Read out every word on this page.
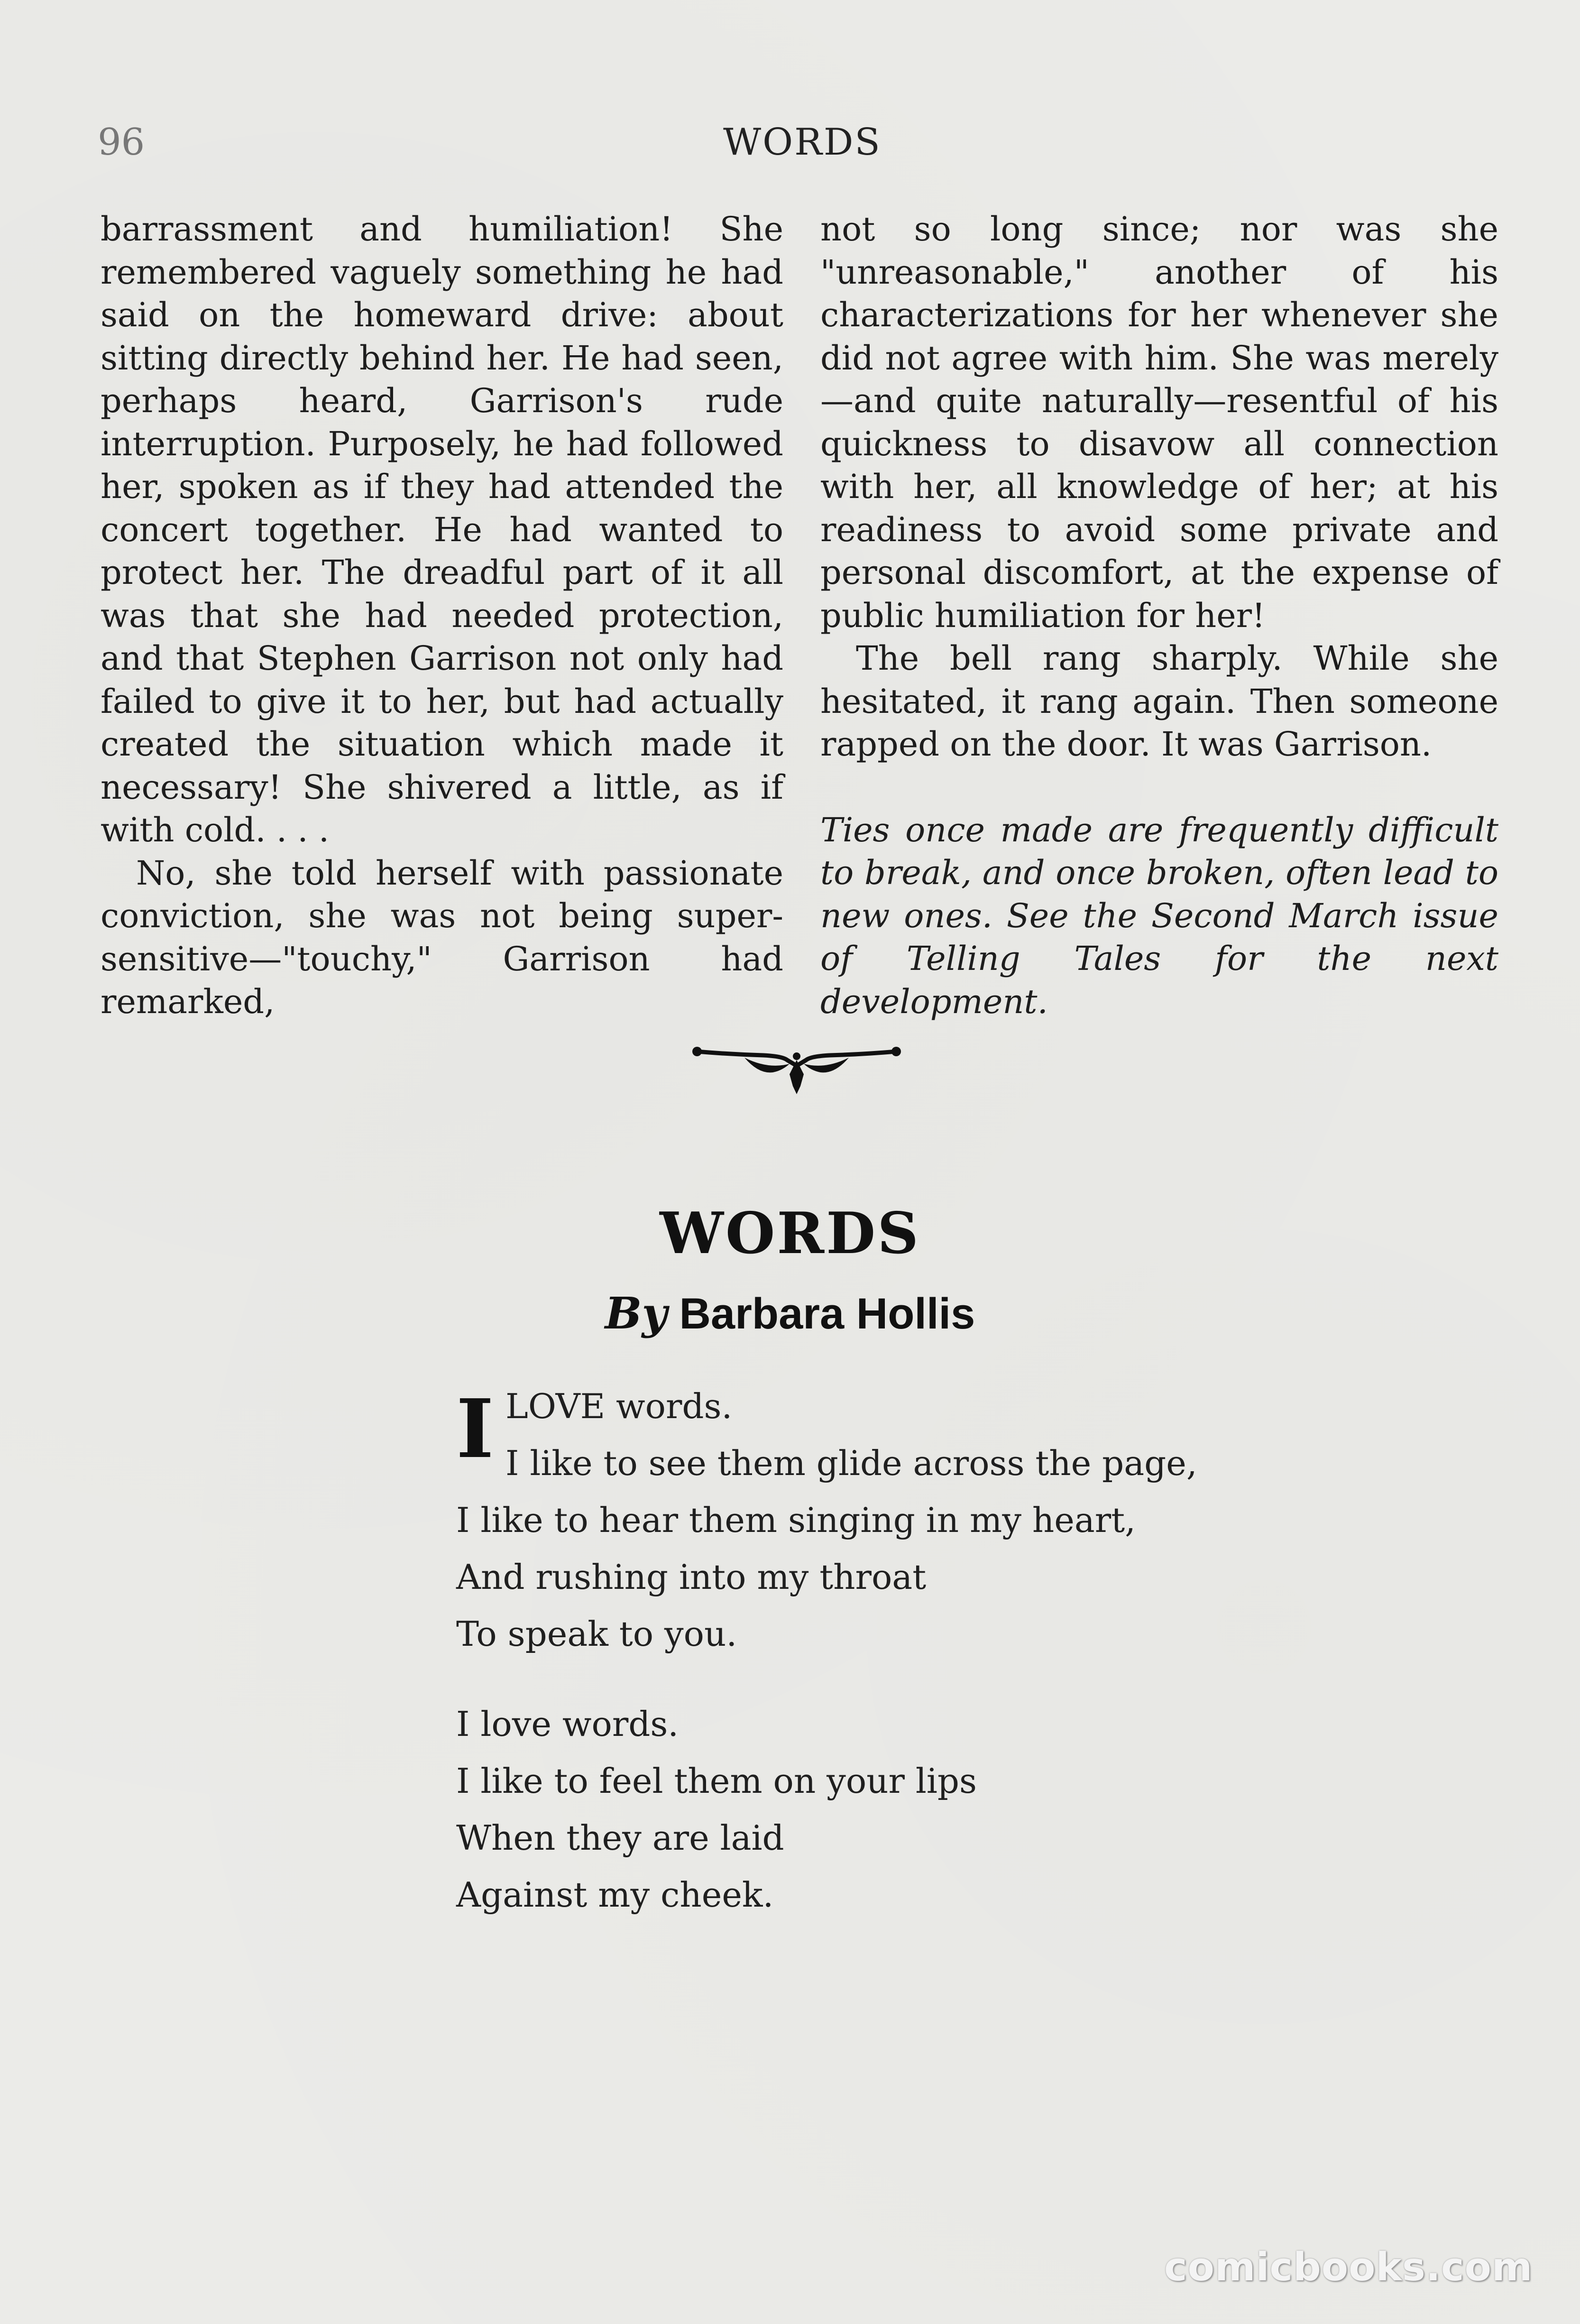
96	WORDS

barrassment and humiliation! She remembered vaguely something he had said on the homeward drive: about sitting directly behind her. He had seen, perhaps heard, Garrison's rude interruption. Purposely, he had followed her, spoken as if they had attended the concert together. He had wanted to protect her. The dreadful part of it all was that she had needed protection, and that Stephen Garrison not only had failed to give it to her, but had actually created the situation which made it necessary! She shivered a little, as if with cold. . . .

No, she told herself with passionate conviction, she was not being super-sensitive—"touchy," Garrison had remarked,

not so long since; nor was she "unreasonable," another of his characterizations for her whenever she did not agree with him. She was merely—and quite naturally—resentful of his quickness to disavow all connection with her, all knowledge of her; at his readiness to avoid some private and personal discomfort, at the expense of public humiliation for her!

The bell rang sharply. While she hesitated, it rang again. Then someone rapped on the door. It was Garrison.

Ties once made are frequently difficult to break, and once broken, often lead to new ones. See the Second March issue of Telling Tales for the next development.

WORDS
By Barbara Hollis
I LOVE words.
I like to see them glide across the page,
I like to hear them singing in my heart,
And rushing into my throat
To speak to you.
I love words.
I like to feel them on your lips
When they are laid
Against my cheek.
comicbooks.com
